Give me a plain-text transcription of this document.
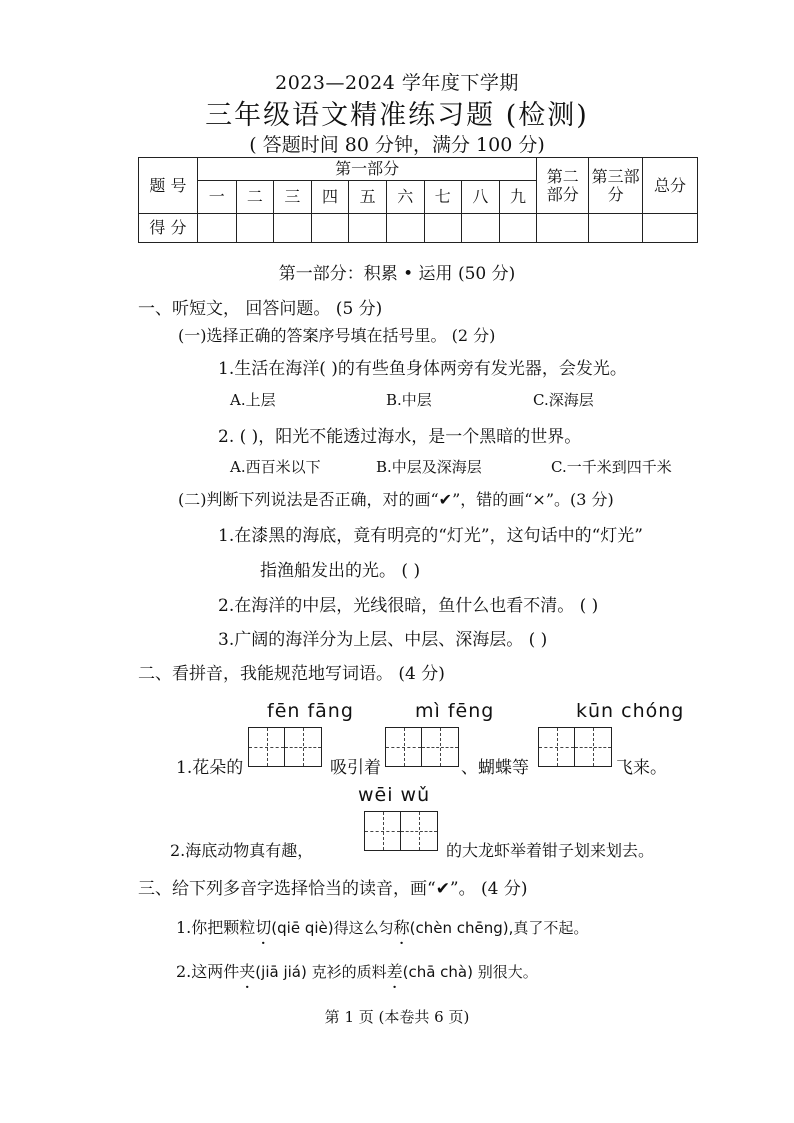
2023—2024 学年度下学期
三年级语文精准练习题 (检测)
( 答题时间 80 分钟，满分 100 分)
题 号	第一部分									第二部分	第三部分	总分
	一	二	三	四	五	六	七	八	九			
得 分												
第一部分：积累 • 运用 (50 分)
一、听短文， 回答问题。 (5 分)
(一)选择正确的答案序号填在括号里。 (2 分)
1.生活在海洋( )的有些鱼身体两旁有发光器，会发光。
A.上层	B.中层	C.深海层
2. ( )，阳光不能透过海水，是一个黑暗的世界。
A.西百米以下	B.中层及深海层	C.一千米到四千米
(二)判断下列说法是否正确，对的画“✔”，错的画“×”。(3 分)
1.在漆黑的海底，竟有明亮的“灯光”，这句话中的“灯光”
指渔船发出的光。 ( )
2.在海洋的中层，光线很暗，鱼什么也看不清。 ( )
3.广阔的海洋分为上层、中层、深海层。 ( )
二、看拼音，我能规范地写词语。 (4 分)
fēn fāng	mì fēng	kūn chóng
1.花朵的	吸引着	、蝴蝶等	飞来。
wēi wǔ
2.海底动物真有趣，	的大龙虾举着钳子划来划去。
三、给下列多音字选择恰当的读音，画“✔”。 (4 分)
1.你把颗粒切(qiē qiè)得这么匀称(chèn chēng),真了不起。
2.这两件夹(jiā jiá) 克衫的质料差(chā chà) 别很大。
第 1 页 (本卷共 6 页)
